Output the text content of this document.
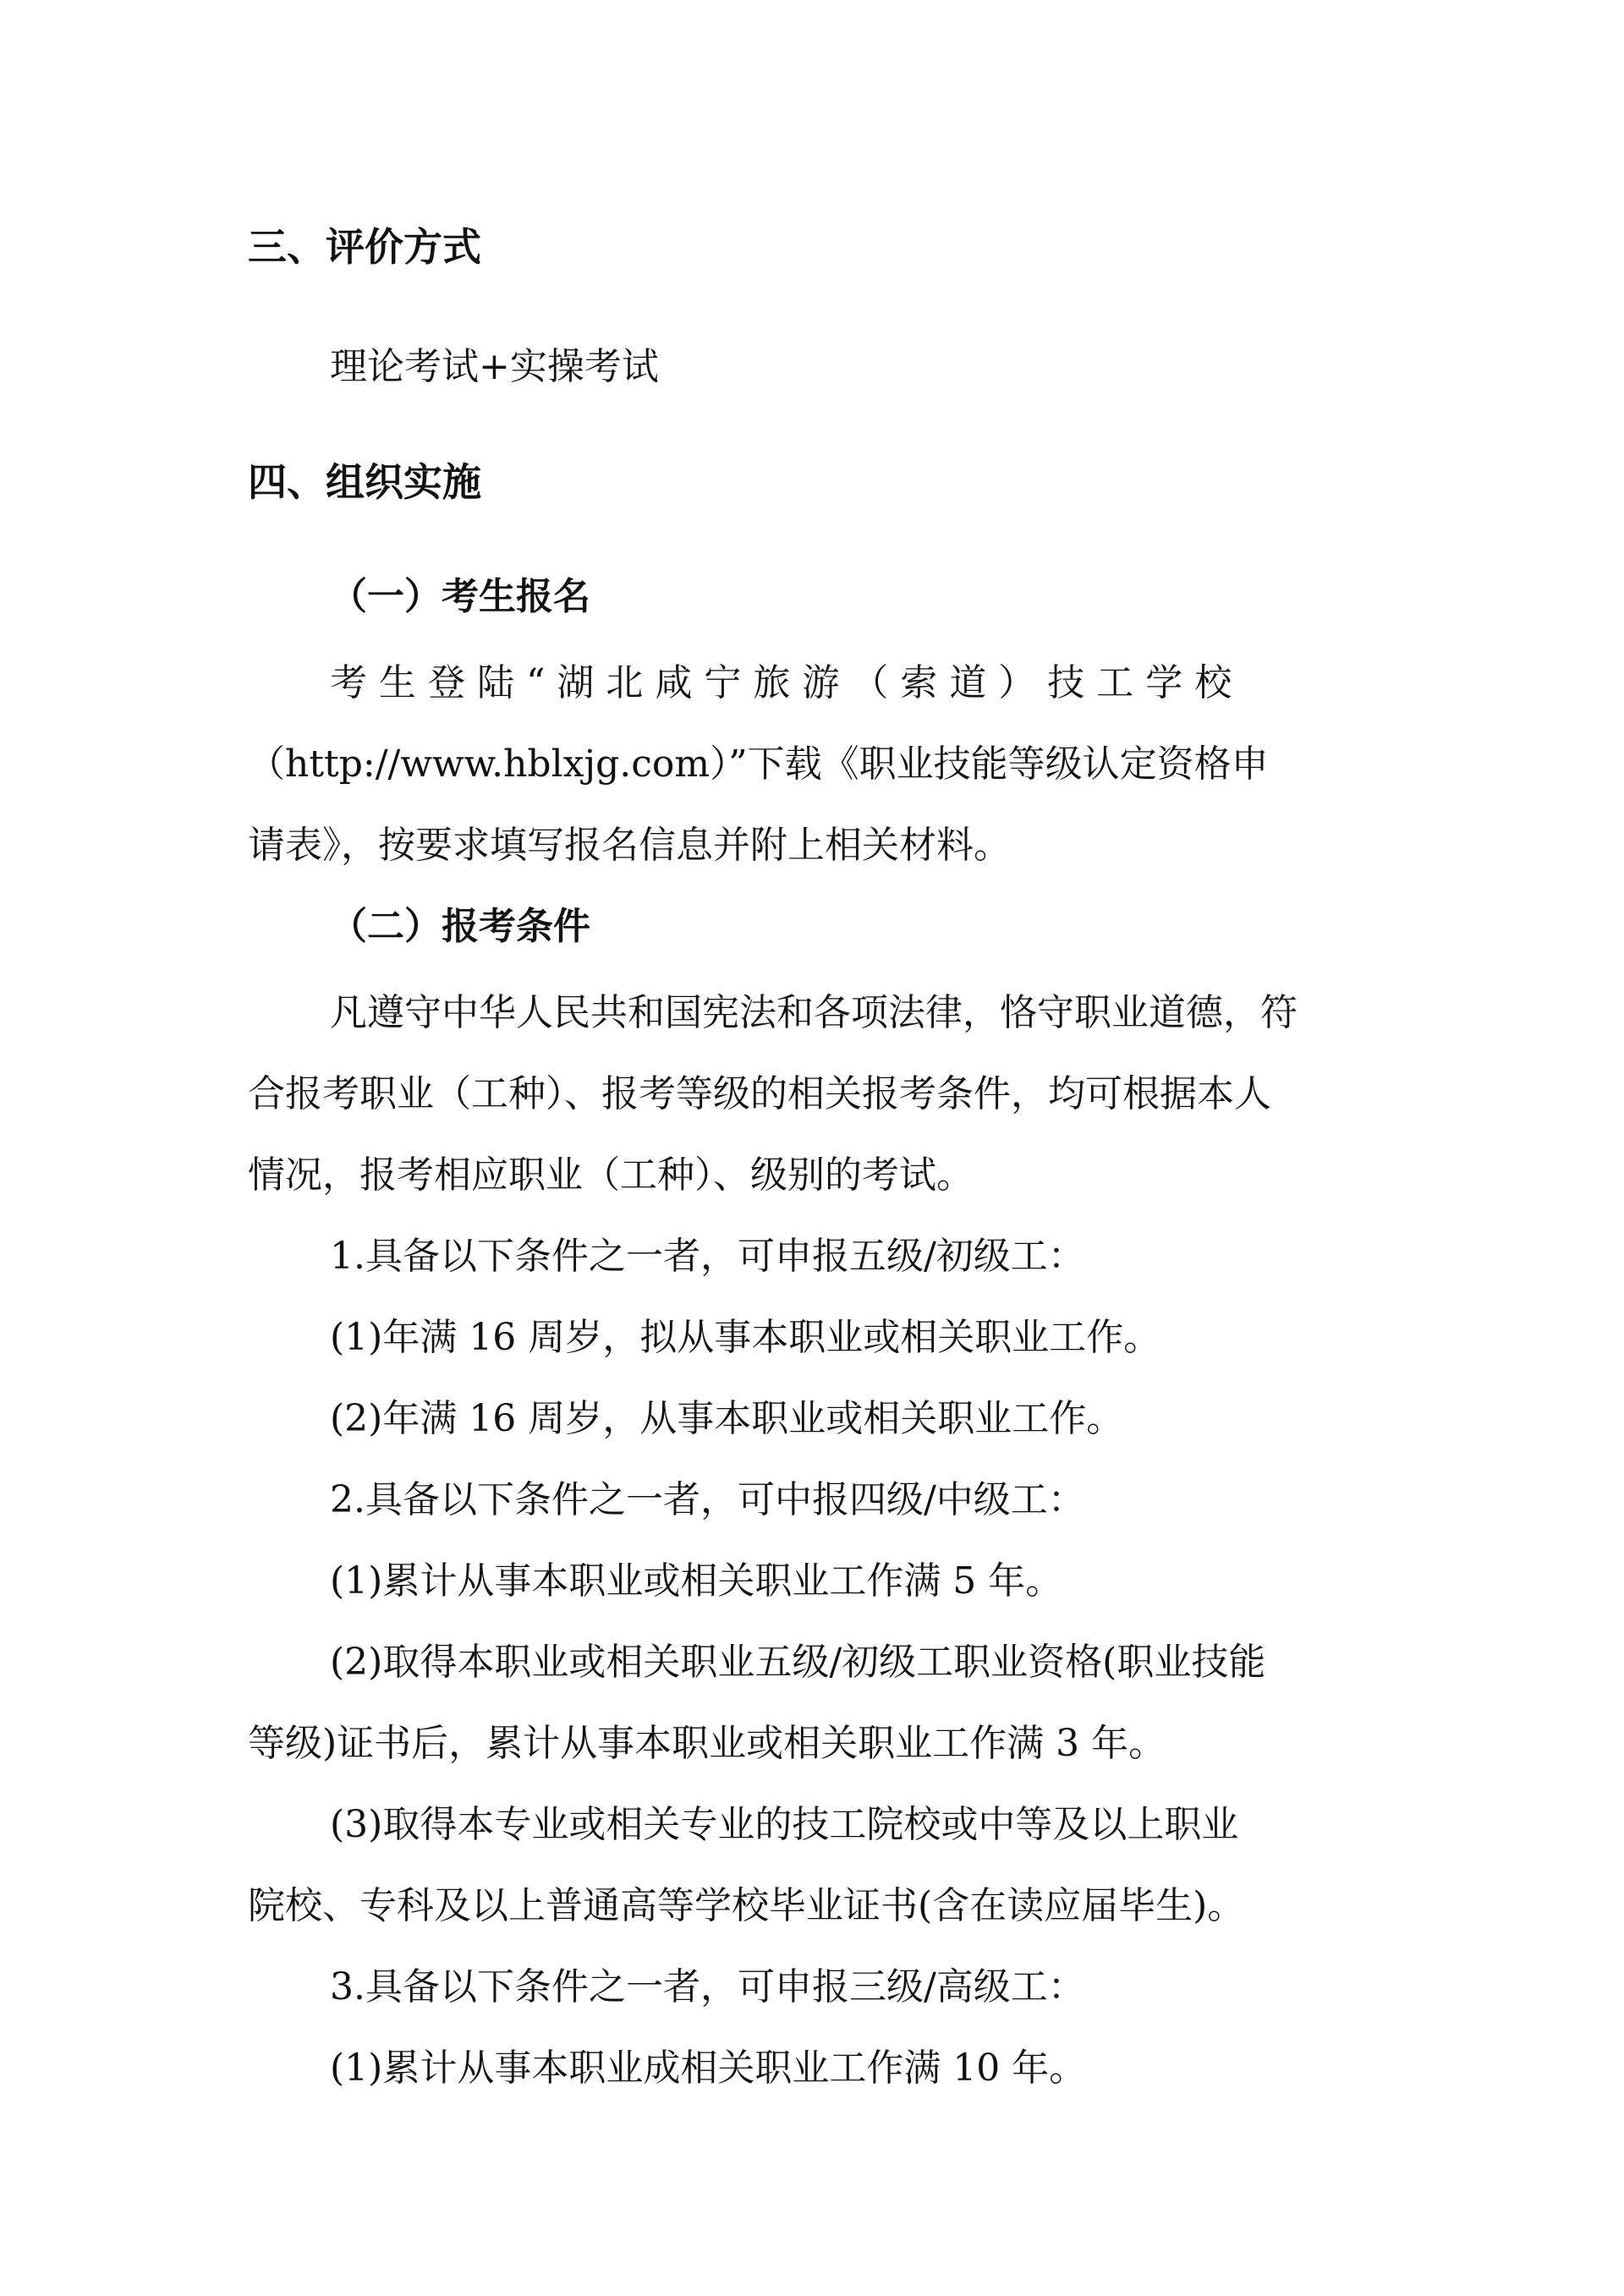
三、评价方式
理论考试+实操考试
四、组织实施
（一）考生报名
考 生 登 陆 “ 湖 北 咸 宁 旅 游 （ 索 道 ） 技 工 学 校
（http://www.hblxjg.com）”下载《职业技能等级认定资格申
请表》，按要求填写报名信息并附上相关材料。
（二）报考条件
凡遵守中华人民共和国宪法和各项法律，恪守职业道德，符
合报考职业（工种）、报考等级的相关报考条件，均可根据本人
情况，报考相应职业（工种）、级别的考试。
1.具备以下条件之一者，可申报五级/初级工：
(1)年满 16 周岁，拟从事本职业或相关职业工作。
(2)年满 16 周岁，从事本职业或相关职业工作。
2.具备以下条件之一者，可中报四级/中级工：
(1)累计从事本职业或相关职业工作满 5 年。
(2)取得本职业或相关职业五级/初级工职业资格(职业技能
等级)证书后，累计从事本职业或相关职业工作满 3 年。
(3)取得本专业或相关专业的技工院校或中等及以上职业
院校、专科及以上普通高等学校毕业证书(含在读应届毕生)。
3.具备以下条件之一者，可申报三级/高级工：
(1)累计从事本职业成相关职业工作满 10 年。
